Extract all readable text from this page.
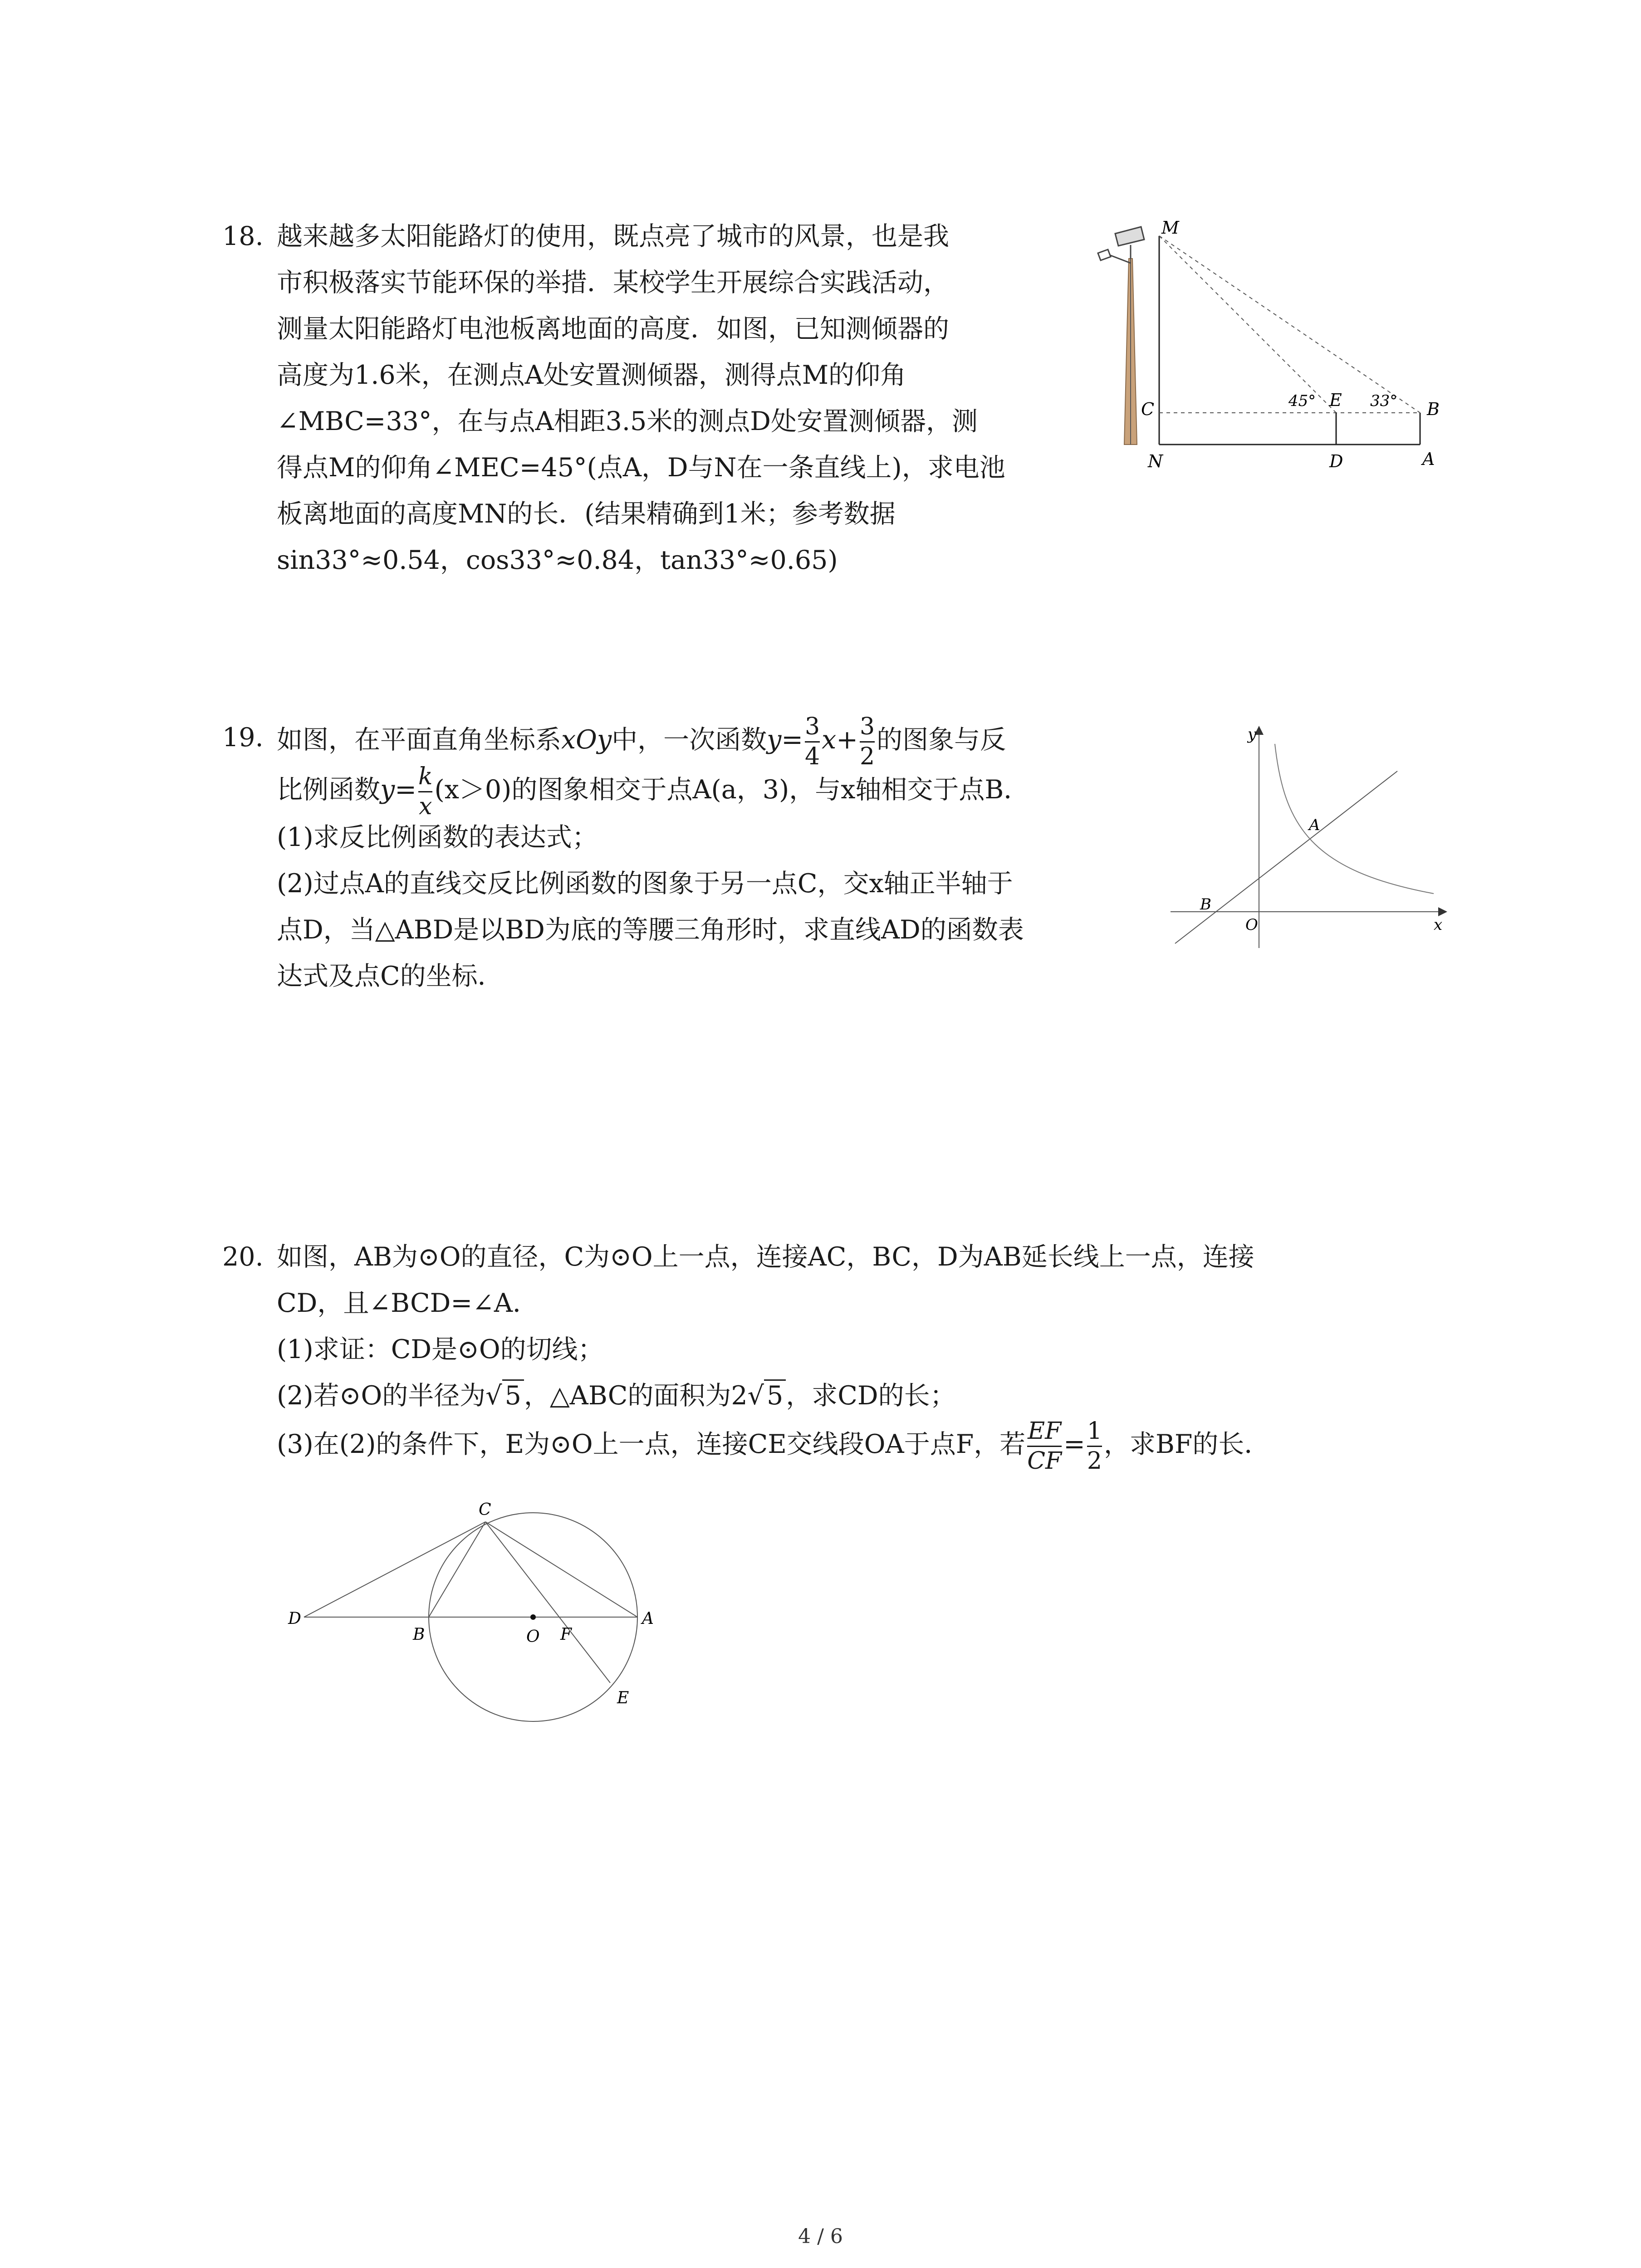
18. 越来越多太阳能路灯的使用，既点亮了城市的风景，也是我
市积极落实节能环保的举措．某校学生开展综合实践活动，
测量太阳能路灯电池板离地面的高度．如图，已知测倾器的
高度为1.6米，在测点A处安置测倾器，测得点M的仰角
∠MBC=33°，在与点A相距3.5米的测点D处安置测倾器，测
得点M的仰角∠MEC=45°(点A，D与N在一条直线上)，求电池
板离地面的高度MN的长．(结果精确到1米；参考数据
sin33°≈0.54，cos33°≈0.84，tan33°≈0.65)
M
C	E	B
N	D	A
45°	33°
19. 如图，在平面直角坐标系xOy中，一次函数$y= \frac{3}{4} x+ \frac{3}{2}$ 的图象与反
比例函数$y= \frac{k}{x} (x>0)$的图象相交于点A(a，3)，与x轴相交于点B．
(1)求反比例函数的表达式；
(2)过点A的直线交反比例函数的图象于另一点C，交x轴正半轴于
点D，当△ABD是以BD为底的等腰三角形时，求直线AD的函数表
达式及点C的坐标．
y
x
A
B
O
20. 如图，AB为⊙O的直径，C为⊙O上一点，连接AC，BC，D为AB延长线上一点，连接
CD，且∠BCD=∠A．
(1)求证：CD是⊙O的切线；
(2)若⊙O的半径为√ 5 ，△ABC的面积为2√ 5 ，求CD的长；
(3)在(2)的条件下，E为⊙O上一点，连接CE交线段OA于点F，若 $\frac{EF}{CF} = \frac{1}{2}$ ，求BF的长．
C
D
B	O F
A
E
4 / 6
